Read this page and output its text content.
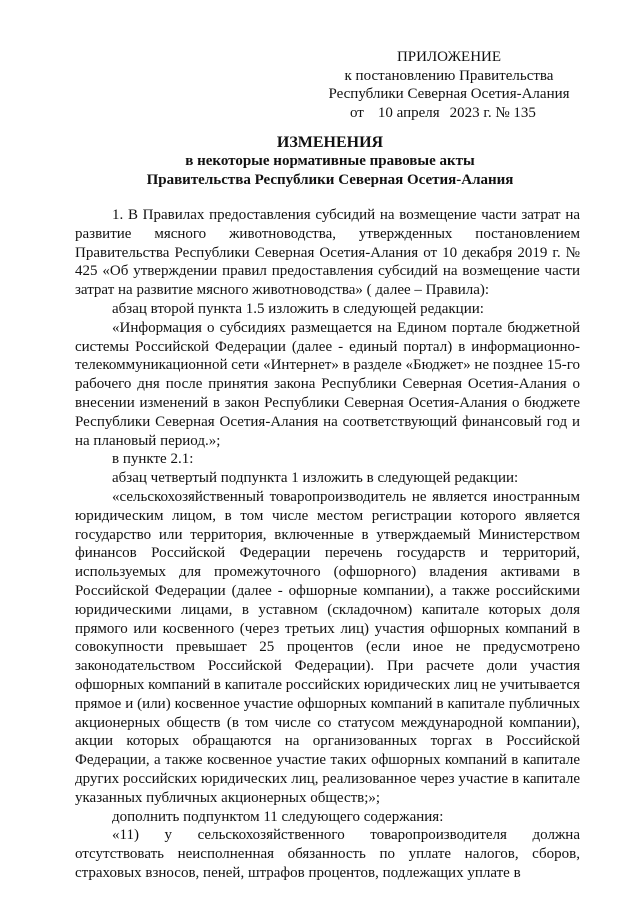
ПРИЛОЖЕНИЕ
к постановлению Правительства
Республики Северная Осетия-Алания
от 10 апреля 2023 г. № 135
ИЗМЕНЕНИЯ
в некоторые нормативные правовые акты
Правительства Республики Северная Осетия-Алания

1. В Правилах предоставления субсидий на возмещение части затрат на развитие мясного животноводства, утвержденных постановлением Правительства Республики Северная Осетия-Алания от 10 декабря 2019 г. № 425 «Об утверждении правил предоставления субсидий на возмещение части затрат на развитие мясного животноводства» ( далее – Правила):

абзац второй пункта 1.5 изложить в следующей редакции:

«Информация о субсидиях размещается на Едином портале бюджетной системы Российской Федерации (далее - единый портал) в информационно-телекоммуникационной сети «Интернет» в разделе «Бюджет» не позднее 15-го рабочего дня после принятия закона Республики Северная Осетия-Алания о внесении изменений в закон Республики Северная Осетия-Алания о бюджете Республики Северная Осетия-Алания на соответствующий финансовый год и на плановый период.»;

в пункте 2.1:

абзац четвертый подпункта 1 изложить в следующей редакции:

«сельскохозяйственный товаропроизводитель не является иностранным юридическим лицом, в том числе местом регистрации которого является государство или территория, включенные в утверждаемый Министерством финансов Российской Федерации перечень государств и территорий, используемых для промежуточного (офшорного) владения активами в Российской Федерации (далее - офшорные компании), а также российскими юридическими лицами, в уставном (складочном) капитале которых доля прямого или косвенного (через третьих лиц) участия офшорных компаний в совокупности превышает 25 процентов (если иное не предусмотрено законодательством Российской Федерации). При расчете доли участия офшорных компаний в капитале российских юридических лиц не учитывается прямое и (или) косвенное участие офшорных компаний в капитале публичных акционерных обществ (в том числе со статусом международной компании), акции которых обращаются на организованных торгах в Российской Федерации, а также косвенное участие таких офшорных компаний в капитале других российских юридических лиц, реализованное через участие в капитале указанных публичных акционерных обществ;»;

дополнить подпунктом 11 следующего содержания:

«11) у сельскохозяйственного товаропроизводителя должна отсутствовать неисполненная обязанность по уплате налогов, сборов, страховых взносов, пеней, штрафов процентов, подлежащих уплате в
